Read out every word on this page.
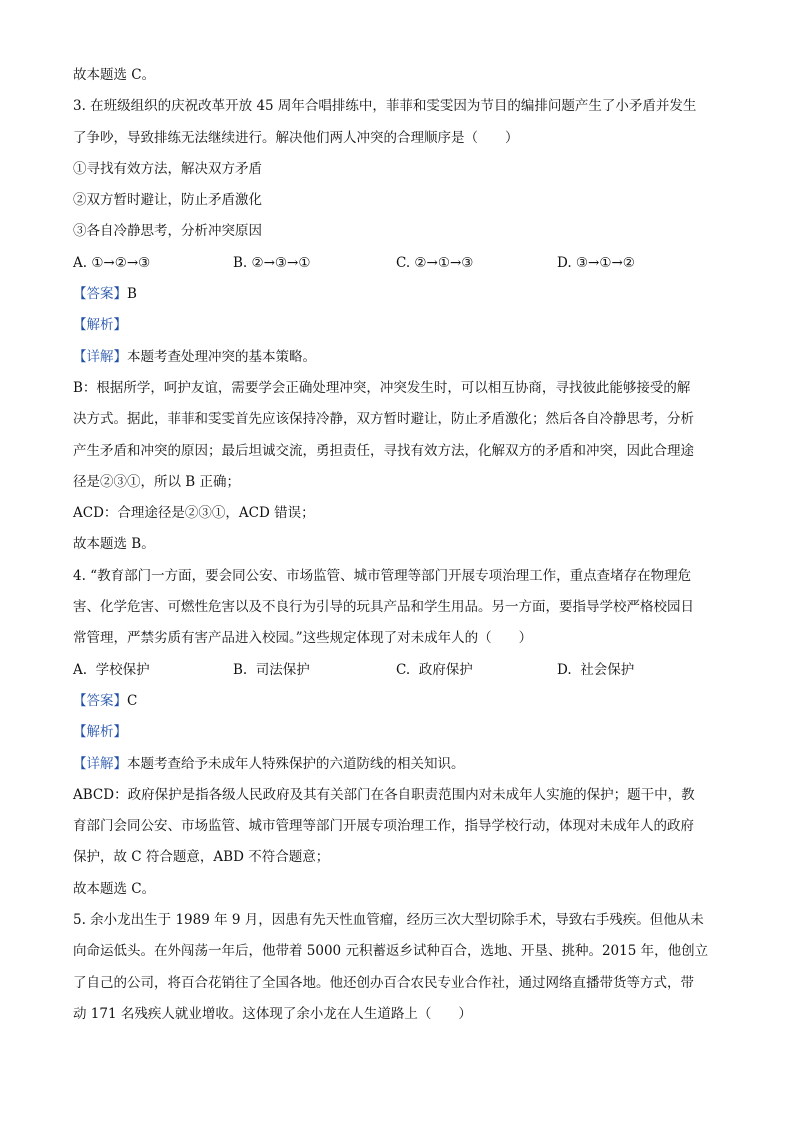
故本题选 C。
3. 在班级组织的庆祝改革开放 45 周年合唱排练中，菲菲和雯雯因为节目的编排问题产生了小矛盾并发生
了争吵，导致排练无法继续进行。解决他们两人冲突的合理顺序是（　　）
①寻找有效方法，解决双方矛盾
②双方暂时避让，防止矛盾激化
③各自冷静思考，分析冲突原因
A. ①→②→③	B. ②→③→①	C. ②→①→③	D. ③→①→②
【答案】B
【解析】
【详解】本题考查处理冲突的基本策略。
B：根据所学，呵护友谊，需要学会正确处理冲突，冲突发生时，可以相互协商，寻找彼此能够接受的解
决方式。据此，菲菲和雯雯首先应该保持冷静，双方暂时避让，防止矛盾激化；然后各自冷静思考，分析
产生矛盾和冲突的原因；最后坦诚交流，勇担责任，寻找有效方法，化解双方的矛盾和冲突，因此合理途
径是②③①，所以 B 正确；
ACD：合理途径是②③①，ACD 错误；
故本题选 B。
4. “教育部门一方面，要会同公安、市场监管、城市管理等部门开展专项治理工作，重点查堵存在物理危
害、化学危害、可燃性危害以及不良行为引导的玩具产品和学生用品。另一方面，要指导学校严格校园日
常管理，严禁劣质有害产品进入校园。”这些规定体现了对未成年人的（　　）
A.  学校保护	B.  司法保护	C.  政府保护	D.  社会保护
【答案】C
【解析】
【详解】本题考查给予未成年人特殊保护的六道防线的相关知识。
ABCD：政府保护是指各级人民政府及其有关部门在各自职责范围内对未成年人实施的保护；题干中，教
育部门会同公安、市场监管、城市管理等部门开展专项治理工作，指导学校行动，体现对未成年人的政府
保护，故 C 符合题意，ABD 不符合题意；
故本题选 C。
5. 余小龙出生于 1989 年 9 月，因患有先天性血管瘤，经历三次大型切除手术，导致右手残疾。但他从未
向命运低头。在外闯荡一年后，他带着 5000 元积蓄返乡试种百合，选地、开垦、挑种。2015 年，他创立
了自己的公司，将百合花销往了全国各地。他还创办百合农民专业合作社，通过网络直播带货等方式，带
动 171 名残疾人就业增收。这体现了余小龙在人生道路上（　　）
